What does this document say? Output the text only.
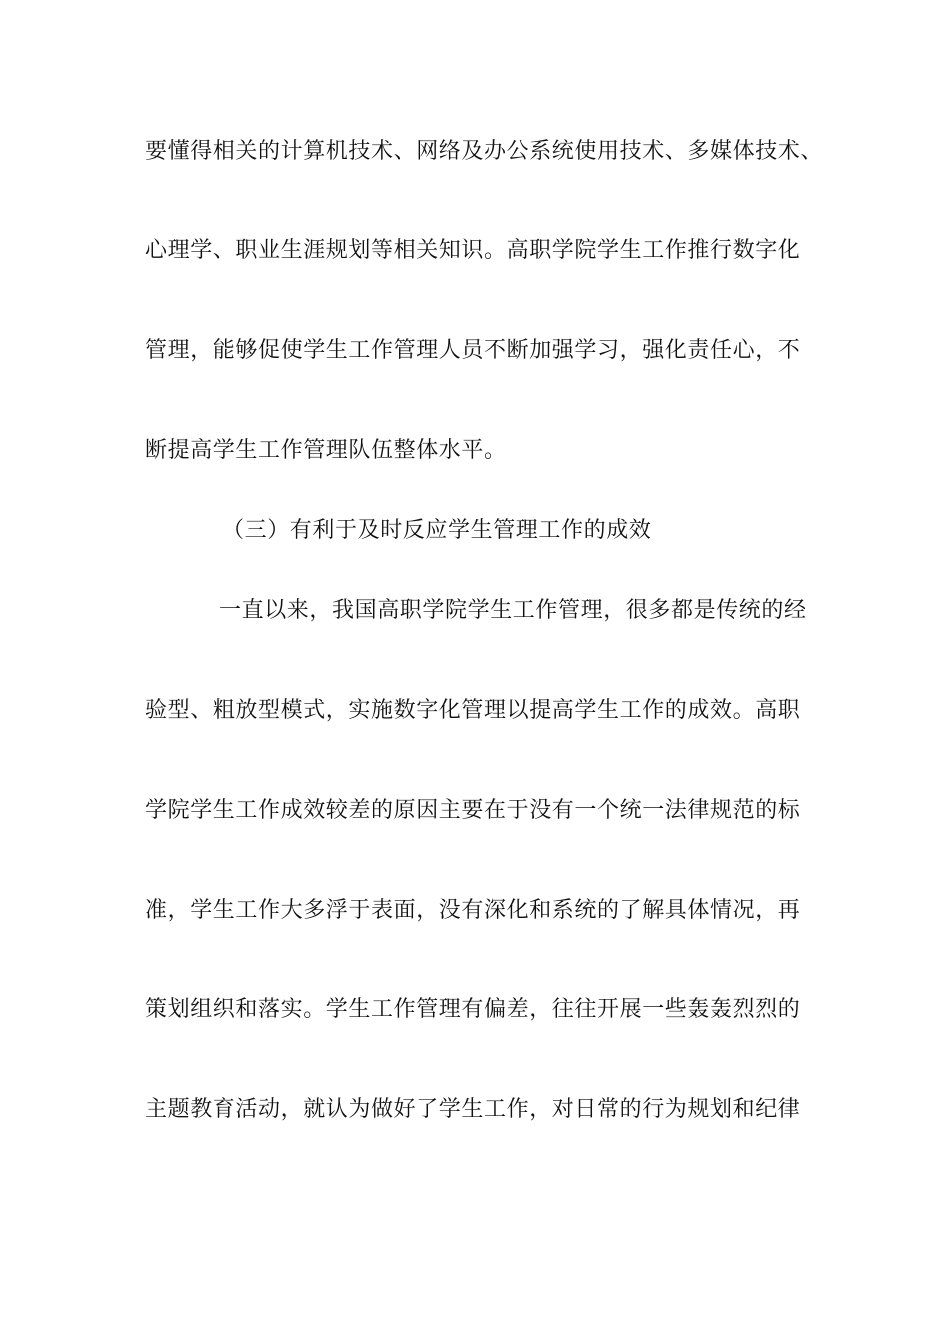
要懂得相关的计算机技术、网络及办公系统使用技术、多媒体技术、
心理学、职业生涯规划等相关知识。高职学院学生工作推行数字化
管理，能够促使学生工作管理人员不断加强学习，强化责任心，不
断提高学生工作管理队伍整体水平。
（三）有利于及时反应学生管理工作的成效
一直以来，我国高职学院学生工作管理，很多都是传统的经
验型、粗放型模式，实施数字化管理以提高学生工作的成效。高职
学院学生工作成效较差的原因主要在于没有一个统一法律规范的标
准，学生工作大多浮于表面，没有深化和系统的了解具体情况，再
策划组织和落实。学生工作管理有偏差，往往开展一些轰轰烈烈的
主题教育活动，就认为做好了学生工作，对日常的行为规划和纪律
